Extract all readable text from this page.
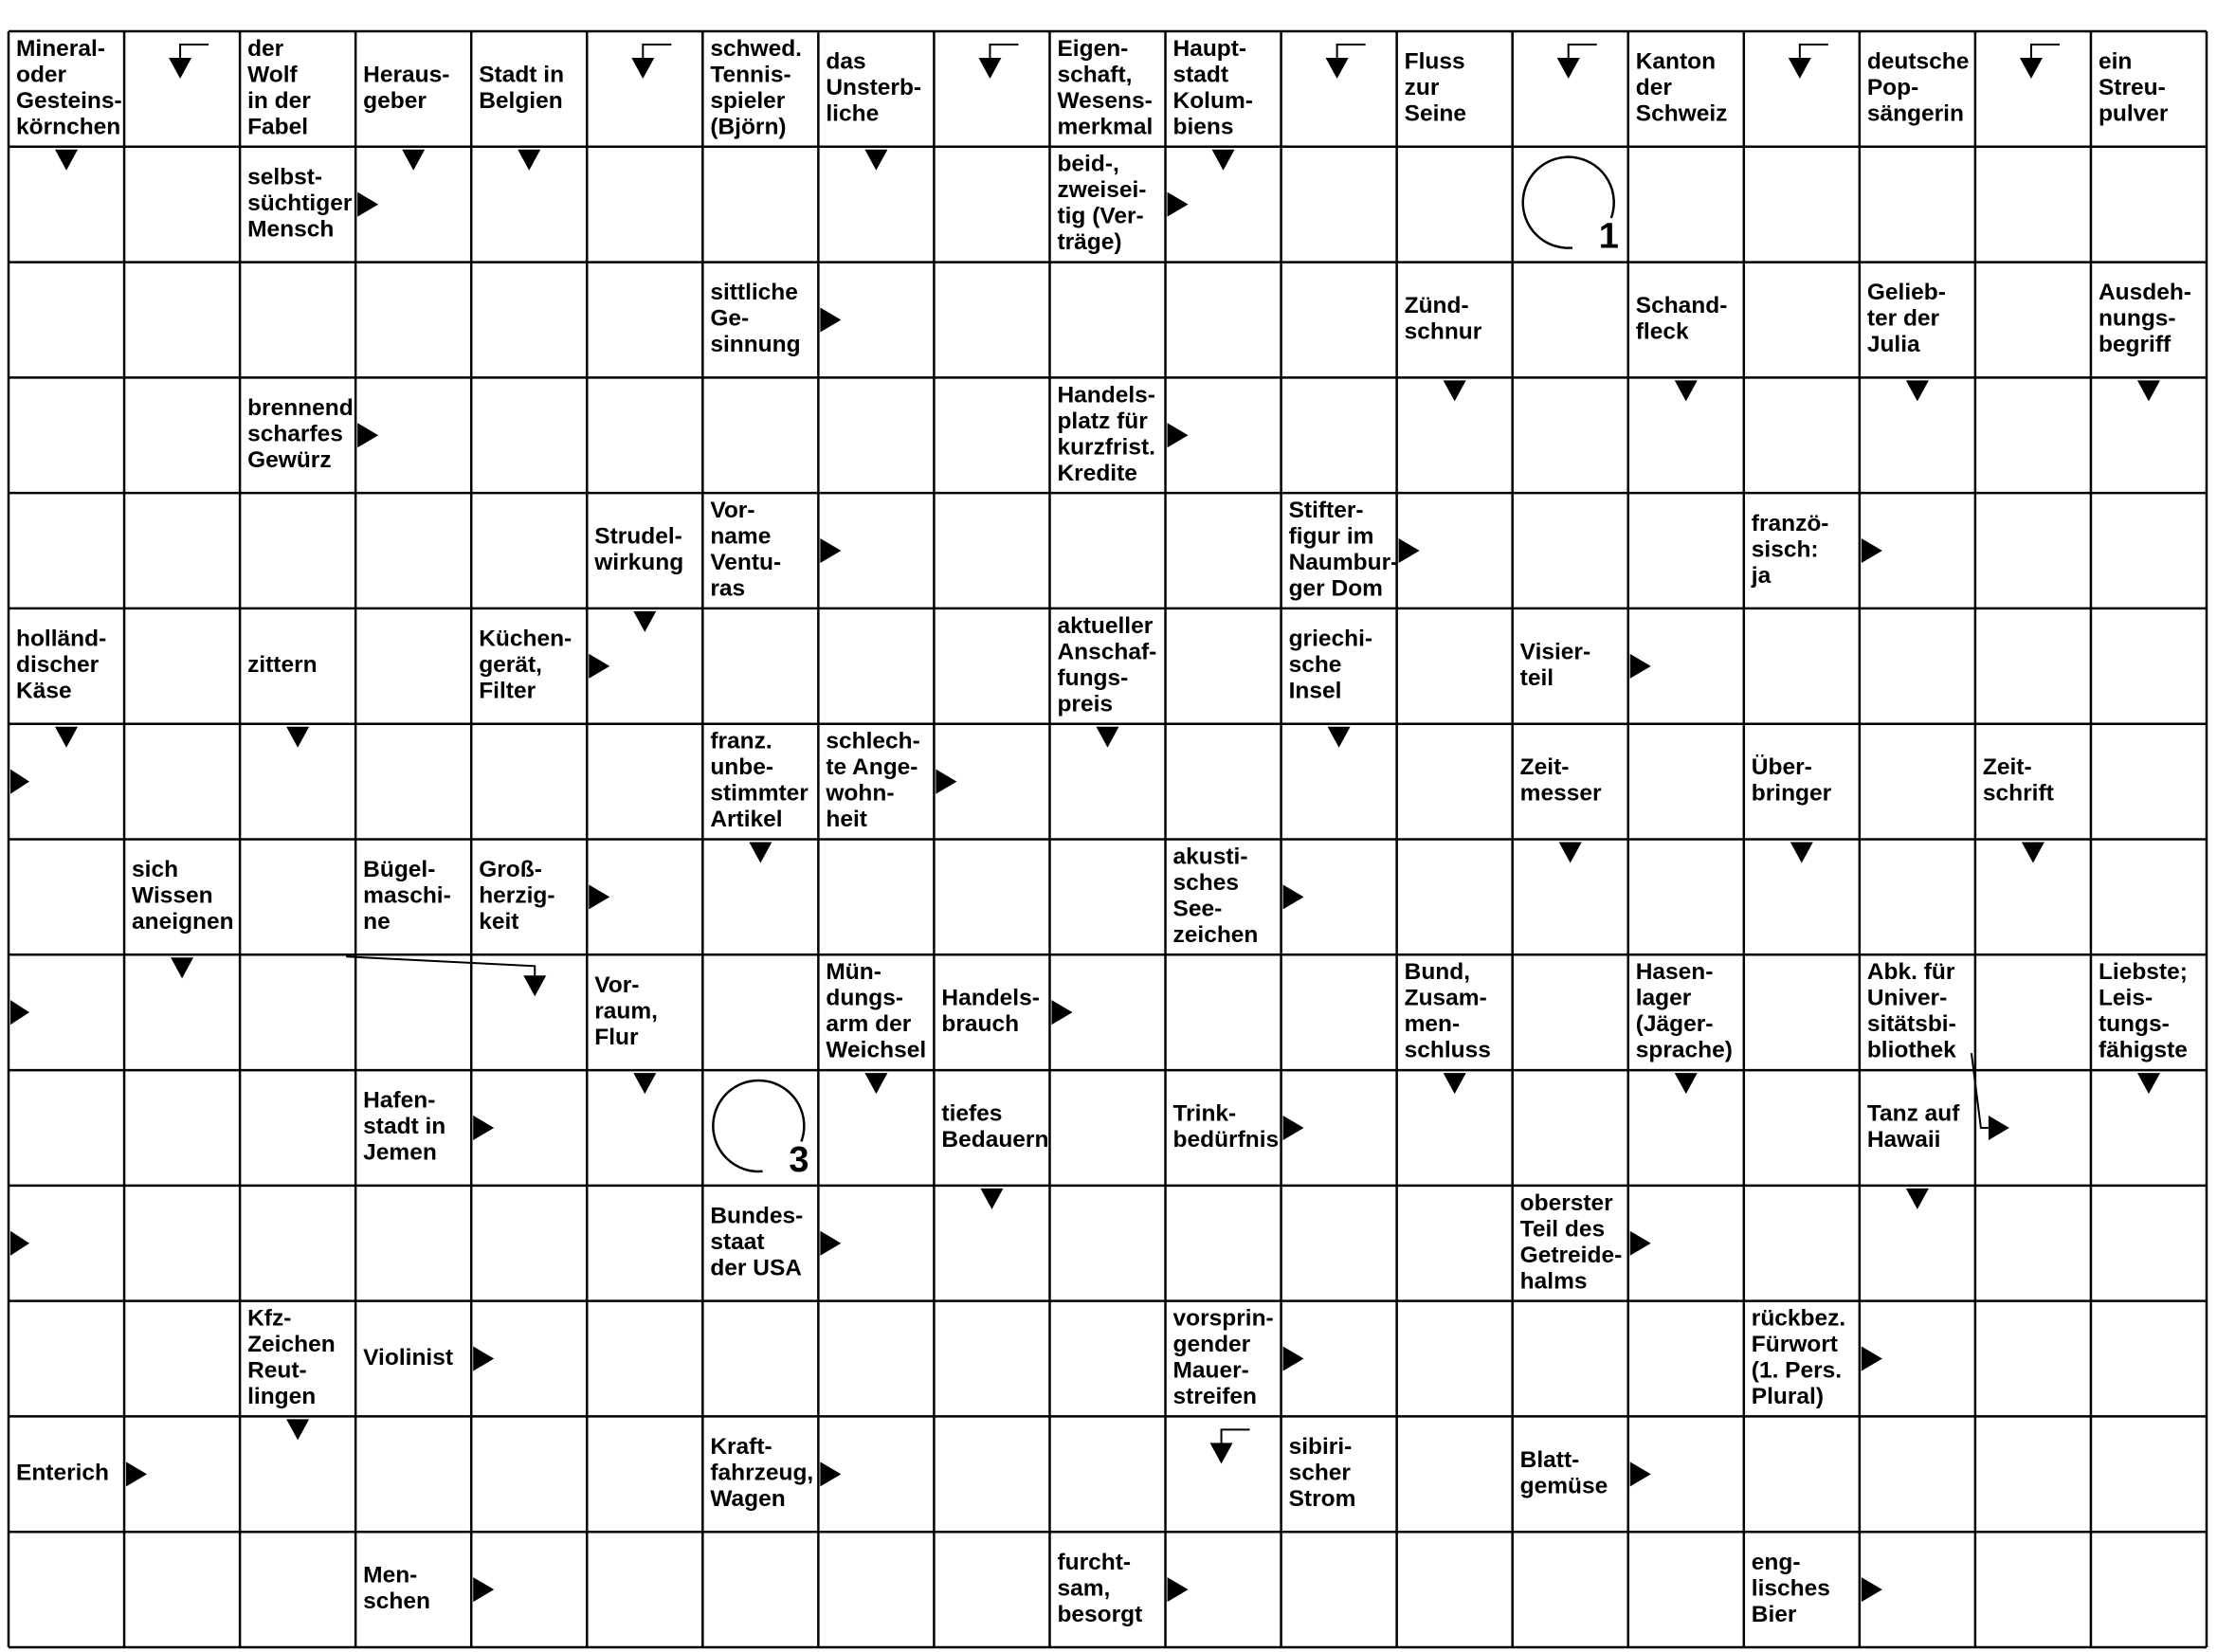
Mineral-
oder
Gesteins-
körnchen
der
Wolf
in der
Fabel
Heraus-
geber
Stadt in
Belgien
schwed.
Tennis-
spieler
(Björn)
das
Unsterb-
liche
Eigen-
schaft,
Wesens-
merkmal
Haupt-
stadt
Kolum-
biens
Fluss
zur
Seine
Kanton
der
Schweiz
deutsche
Pop-
sängerin
ein
Streu-
pulver
selbst-
süchtiger
Mensch
beid-,
zweisei-
tig (Ver-
träge)
sittliche
Ge-
sinnung
Zünd-
schnur
Schand-
fleck
Gelieb-
ter der
Julia
Ausdeh-
nungs-
begriff
brennend
scharfes
Gewürz
Handels-
platz für
kurzfrist.
Kredite
Strudel-
wirkung
Vor-
name
Ventu-
ras
Stifter-
figur im
Naumbur-
ger Dom
franzö-
sisch:
ja
holländ-
discher
Käse
zittern
Küchen-
gerät,
Filter
aktueller
Anschaf-
fungs-
preis
griechi-
sche
Insel
Visier-
teil
franz.
unbe-
stimmter
Artikel
schlech-
te Ange-
wohn-
heit
Zeit-
messer
Über-
bringer
Zeit-
schrift
sich
Wissen
aneignen
Bügel-
maschi-
ne
Groß-
herzig-
keit
akusti-
sches
See-
zeichen
Vor-
raum,
Flur
Mün-
dungs-
arm der
Weichsel
Handels-
brauch
Bund,
Zusam-
men-
schluss
Hasen-
lager
(Jäger-
sprache)
Abk. für
Univer-
sitätsbi-
bliothek
Liebste;
Leis-
tungs-
fähigste
Hafen-
stadt in
Jemen
tiefes
Bedauern
Trink-
bedürfnis
Tanz auf
Hawaii
Bundes-
staat
der USA
oberster
Teil des
Getreide-
halms
Kfz-
Zeichen
Reut-
lingen
Violinist
vorsprin-
gender
Mauer-
streifen
rückbez.
Fürwort
(1. Pers.
Plural)
Enterich
Kraft-
fahrzeug,
Wagen
sibiri-
scher
Strom
Blatt-
gemüse
Men-
schen
furcht-
sam,
besorgt
eng-
lisches
Bier
1
3
